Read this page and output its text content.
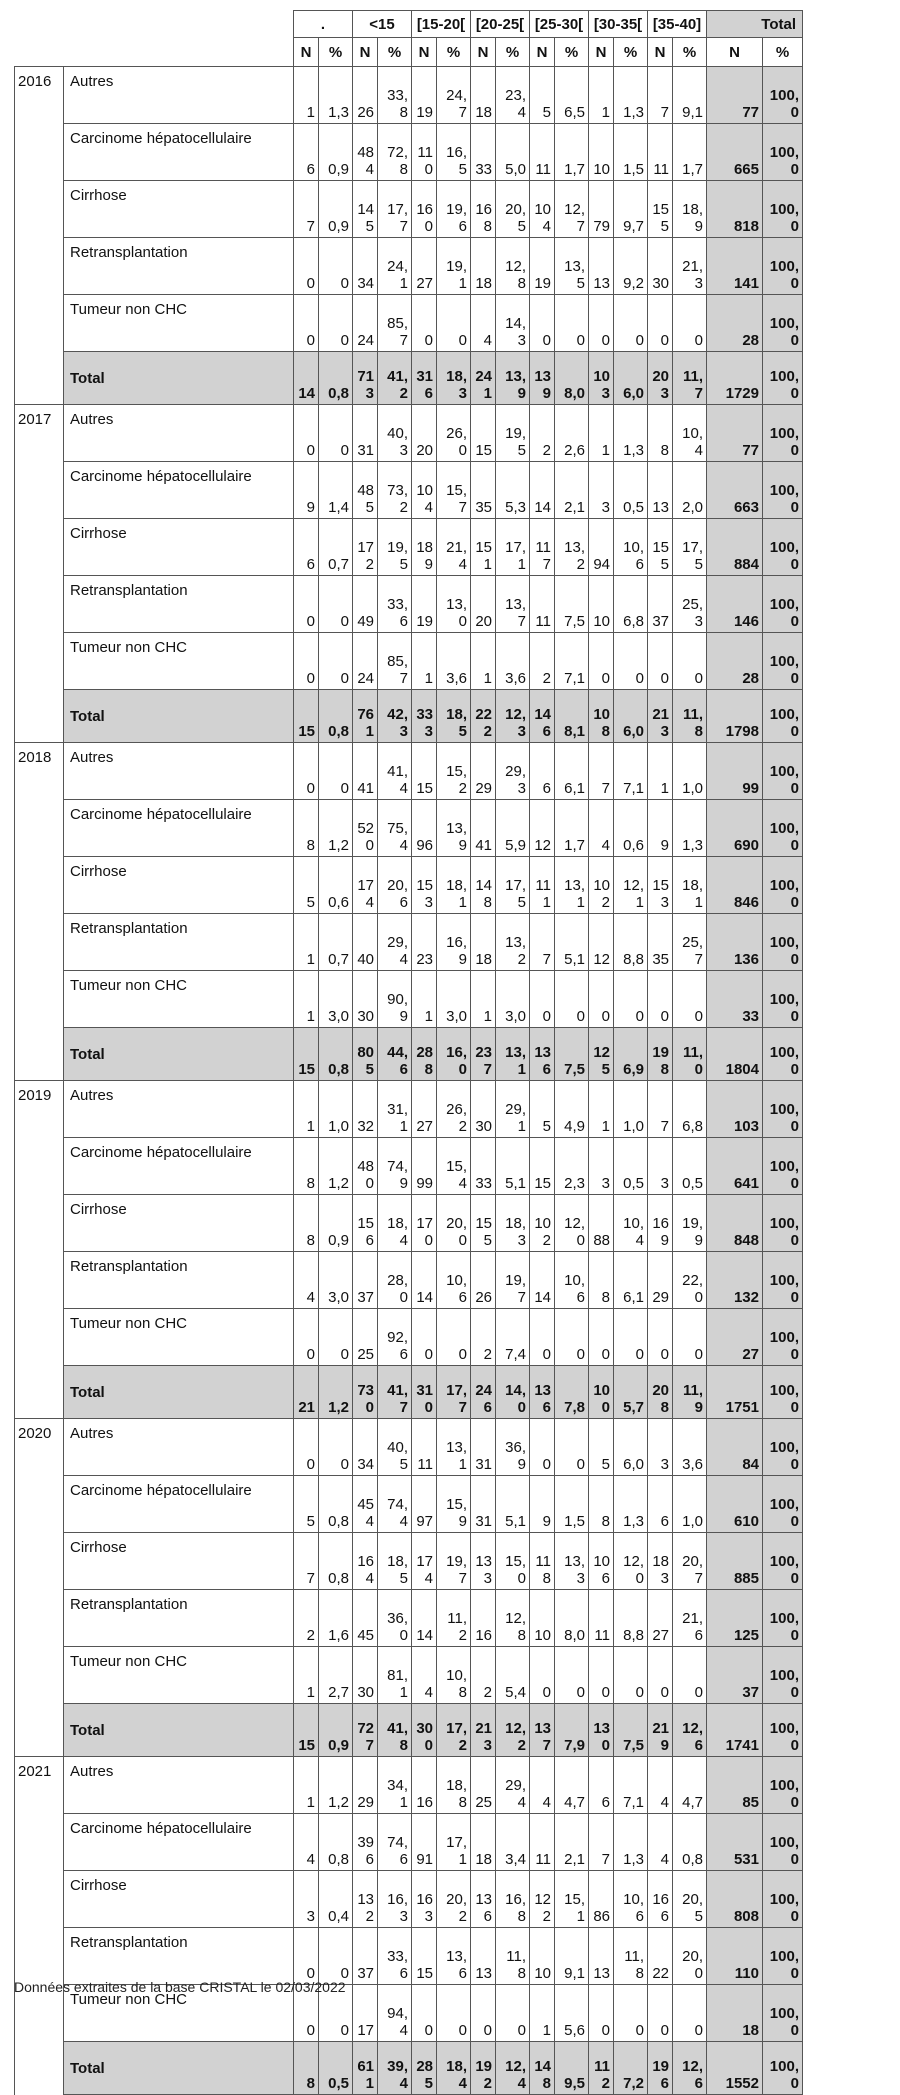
		.		<15		[15-20[		[20-25[		[25-30[		[30-35[		[35-40]		Total	
		N	%	N	%	N	%	N	%	N	%	N	%	N	%	N	%
2016	Autres	1	1,3	26	33,8	19	24,7	18	23,4	5	6,5	1	1,3	7	9,1	77	100,0
	Carcinome hépatocellulaire	6	0,9	484	72,8	110	16,5	33	5,0	11	1,7	10	1,5	11	1,7	665	100,0
	Cirrhose	7	0,9	145	17,7	160	19,6	168	20,5	104	12,7	79	9,7	155	18,9	818	100,0
	Retransplantation	0	0	34	24,1	27	19,1	18	12,8	19	13,5	13	9,2	30	21,3	141	100,0
	Tumeur non CHC	0	0	24	85,7	0	0	4	14,3	0	0	0	0	0	0	28	100,0
	Total	14	0,8	713	41,2	316	18,3	241	13,9	139	8,0	103	6,0	203	11,7	1729	100,0
2017	Autres	0	0	31	40,3	20	26,0	15	19,5	2	2,6	1	1,3	8	10,4	77	100,0
	Carcinome hépatocellulaire	9	1,4	485	73,2	104	15,7	35	5,3	14	2,1	3	0,5	13	2,0	663	100,0
	Cirrhose	6	0,7	172	19,5	189	21,4	151	17,1	117	13,2	94	10,6	155	17,5	884	100,0
	Retransplantation	0	0	49	33,6	19	13,0	20	13,7	11	7,5	10	6,8	37	25,3	146	100,0
	Tumeur non CHC	0	0	24	85,7	1	3,6	1	3,6	2	7,1	0	0	0	0	28	100,0
	Total	15	0,8	761	42,3	333	18,5	222	12,3	146	8,1	108	6,0	213	11,8	1798	100,0
2018	Autres	0	0	41	41,4	15	15,2	29	29,3	6	6,1	7	7,1	1	1,0	99	100,0
	Carcinome hépatocellulaire	8	1,2	520	75,4	96	13,9	41	5,9	12	1,7	4	0,6	9	1,3	690	100,0
	Cirrhose	5	0,6	174	20,6	153	18,1	148	17,5	111	13,1	102	12,1	153	18,1	846	100,0
	Retransplantation	1	0,7	40	29,4	23	16,9	18	13,2	7	5,1	12	8,8	35	25,7	136	100,0
	Tumeur non CHC	1	3,0	30	90,9	1	3,0	1	3,0	0	0	0	0	0	0	33	100,0
	Total	15	0,8	805	44,6	288	16,0	237	13,1	136	7,5	125	6,9	198	11,0	1804	100,0
2019	Autres	1	1,0	32	31,1	27	26,2	30	29,1	5	4,9	1	1,0	7	6,8	103	100,0
	Carcinome hépatocellulaire	8	1,2	480	74,9	99	15,4	33	5,1	15	2,3	3	0,5	3	0,5	641	100,0
	Cirrhose	8	0,9	156	18,4	170	20,0	155	18,3	102	12,0	88	10,4	169	19,9	848	100,0
	Retransplantation	4	3,0	37	28,0	14	10,6	26	19,7	14	10,6	8	6,1	29	22,0	132	100,0
	Tumeur non CHC	0	0	25	92,6	0	0	2	7,4	0	0	0	0	0	0	27	100,0
	Total	21	1,2	730	41,7	310	17,7	246	14,0	136	7,8	100	5,7	208	11,9	1751	100,0
2020	Autres	0	0	34	40,5	11	13,1	31	36,9	0	0	5	6,0	3	3,6	84	100,0
	Carcinome hépatocellulaire	5	0,8	454	74,4	97	15,9	31	5,1	9	1,5	8	1,3	6	1,0	610	100,0
	Cirrhose	7	0,8	164	18,5	174	19,7	133	15,0	118	13,3	106	12,0	183	20,7	885	100,0
	Retransplantation	2	1,6	45	36,0	14	11,2	16	12,8	10	8,0	11	8,8	27	21,6	125	100,0
	Tumeur non CHC	1	2,7	30	81,1	4	10,8	2	5,4	0	0	0	0	0	0	37	100,0
	Total	15	0,9	727	41,8	300	17,2	213	12,2	137	7,9	130	7,5	219	12,6	1741	100,0
2021	Autres	1	1,2	29	34,1	16	18,8	25	29,4	4	4,7	6	7,1	4	4,7	85	100,0
	Carcinome hépatocellulaire	4	0,8	396	74,6	91	17,1	18	3,4	11	2,1	7	1,3	4	0,8	531	100,0
	Cirrhose	3	0,4	132	16,3	163	20,2	136	16,8	122	15,1	86	10,6	166	20,5	808	100,0
	Retransplantation	0	0	37	33,6	15	13,6	13	11,8	10	9,1	13	11,8	22	20,0	110	100,0
	Tumeur non CHC	0	0	17	94,4	0	0	0	0	1	5,6	0	0	0	0	18	100,0
	Total	8	0,5	611	39,4	285	18,4	192	12,4	148	9,5	112	7,2	196	12,6	1552	100,0
Données extraites de la base CRISTAL le 02/03/2022
